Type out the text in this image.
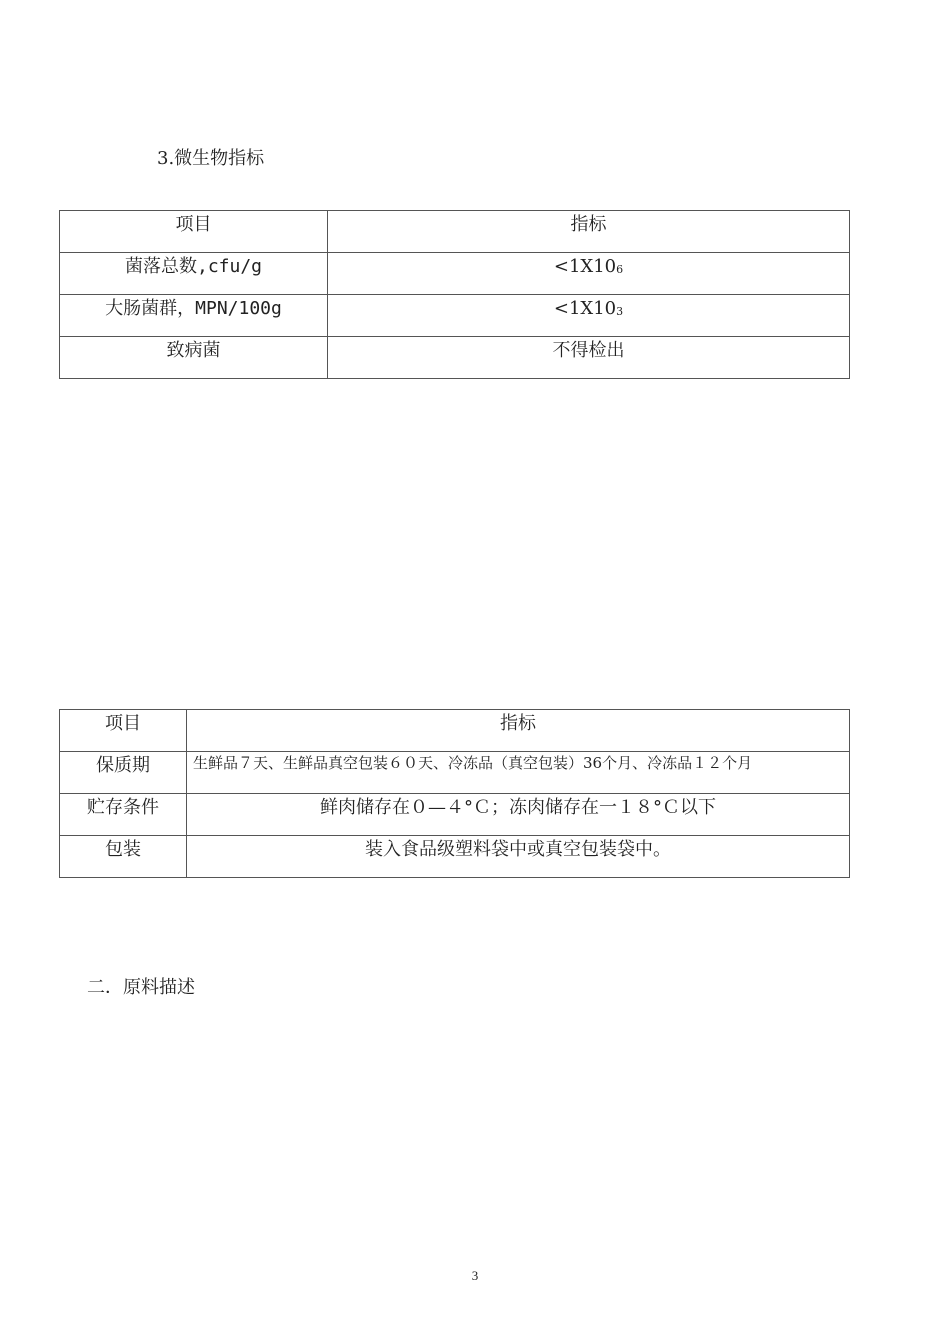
3.微生物指标
项目	指标
菌落总数,cfu/g	$<1X10_6$
大肠菌群，MPN/100g	$<1X10_3$
致病菌	不得检出
项目	指标
保质期	生鲜品７天、生鲜品真空包装６０天、冷冻品（真空包装）36个月、冷冻品１２个月
贮存条件	鲜肉储存在０—４°Ｃ；冻肉储存在一１８°Ｃ以下
包装	装入食品级塑料袋中或真空包装袋中。
二．原料描述
3
